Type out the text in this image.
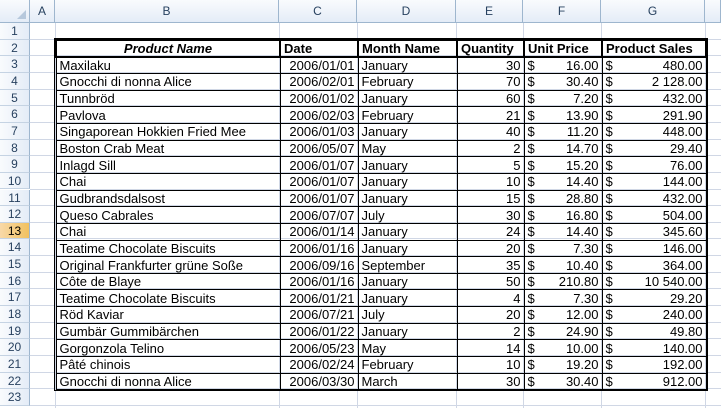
A	B	C	D	E	F	G
1
2
3
4
5
6
7
8
9
10
11
12
13
14
15
16
17
18
19
20
21
22
23
Product Name	Date	Month Name	Quantity	Unit Price	Product Sales
Maxilaku	2006/01/01	January	30	$ 16.00	$ 480.00
Gnocchi di nonna Alice	2006/02/01	February	70	$ 30.40	$ 2 128.00
Tunnbröd	2006/01/02	January	60	$ 7.20	$ 432.00
Pavlova	2006/02/03	February	21	$ 13.90	$ 291.90
Singaporean Hokkien Fried Mee	2006/01/03	January	40	$ 11.20	$ 448.00
Boston Crab Meat	2006/05/07	May	2	$ 14.70	$ 29.40
Inlagd Sill	2006/01/07	January	5	$ 15.20	$ 76.00
Chai	2006/01/07	January	10	$ 14.40	$ 144.00
Gudbrandsdalsost	2006/01/07	January	15	$ 28.80	$ 432.00
Queso Cabrales	2006/07/07	July	30	$ 16.80	$ 504.00
Chai	2006/01/14	January	24	$ 14.40	$ 345.60
Teatime Chocolate Biscuits	2006/01/16	January	20	$ 7.30	$ 146.00
Original Frankfurter grüne Soße	2006/09/16	September	35	$ 10.40	$ 364.00
Côte de Blaye	2006/01/16	January	50	$ 210.80	$ 10 540.00
Teatime Chocolate Biscuits	2006/01/21	January	4	$ 7.30	$ 29.20
Röd Kaviar	2006/07/21	July	20	$ 12.00	$ 240.00
Gumbär Gummibärchen	2006/01/22	January	2	$ 24.90	$ 49.80
Gorgonzola Telino	2006/05/23	May	14	$ 10.00	$ 140.00
Pâté chinois	2006/02/24	February	10	$ 19.20	$ 192.00
Gnocchi di nonna Alice	2006/03/30	March	30	$ 30.40	$ 912.00
